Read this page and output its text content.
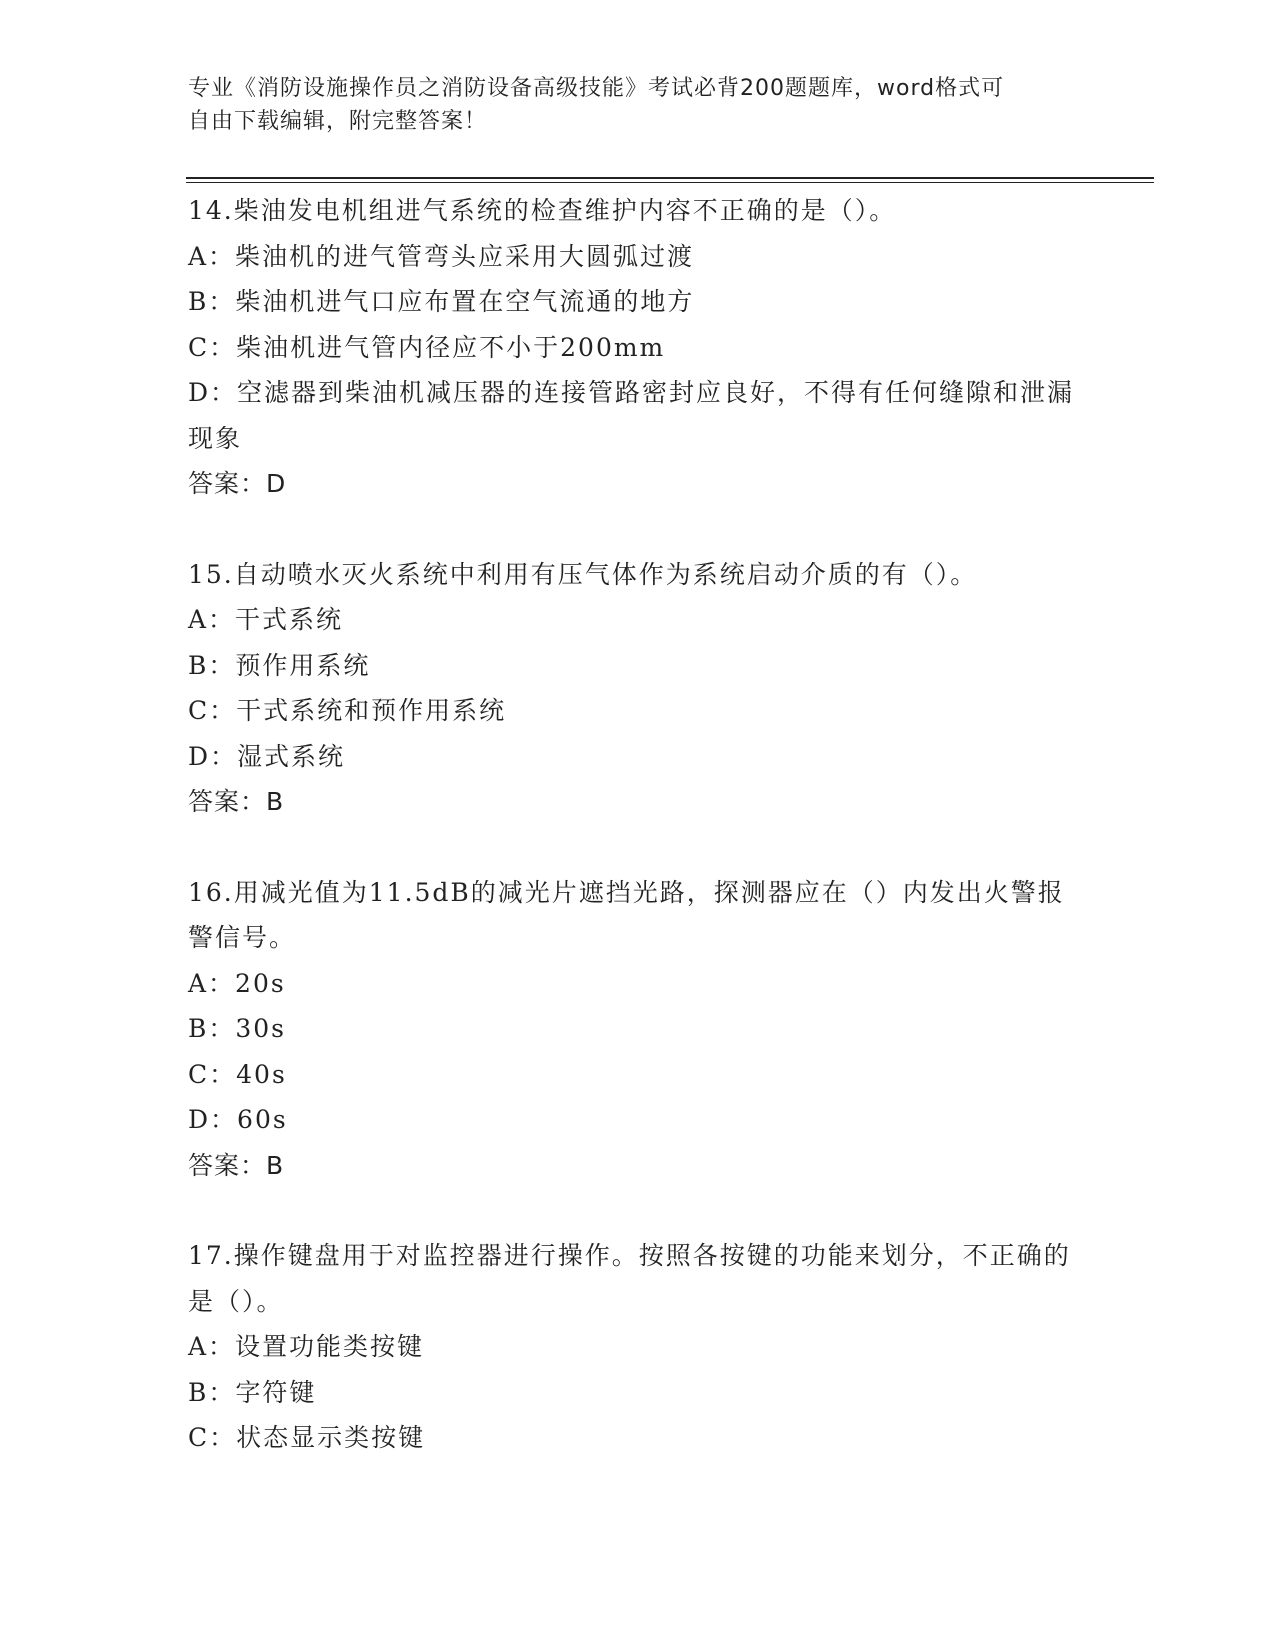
专业《消防设施操作员之消防设备高级技能》考试必背200题题库，word格式可
自由下载编辑，附完整答案！
14.柴油发电机组进气系统的检查维护内容不正确的是（）。
A：柴油机的进气管弯头应采用大圆弧过渡
B：柴油机进气口应布置在空气流通的地方
C：柴油机进气管内径应不小于200mm
D：空滤器到柴油机减压器的连接管路密封应良好，不得有任何缝隙和泄漏现象
答案：D
15.自动喷水灭火系统中利用有压气体作为系统启动介质的有（）。
A：干式系统
B：预作用系统
C：干式系统和预作用系统
D：湿式系统
答案：B
16.用减光值为11.5dB的减光片遮挡光路，探测器应在（）内发出火警报警信号。
A：20s
B：30s
C：40s
D：60s
答案：B
17.操作键盘用于对监控器进行操作。按照各按键的功能来划分，不正确的是（）。
A：设置功能类按键
B：字符键
C：状态显示类按键
